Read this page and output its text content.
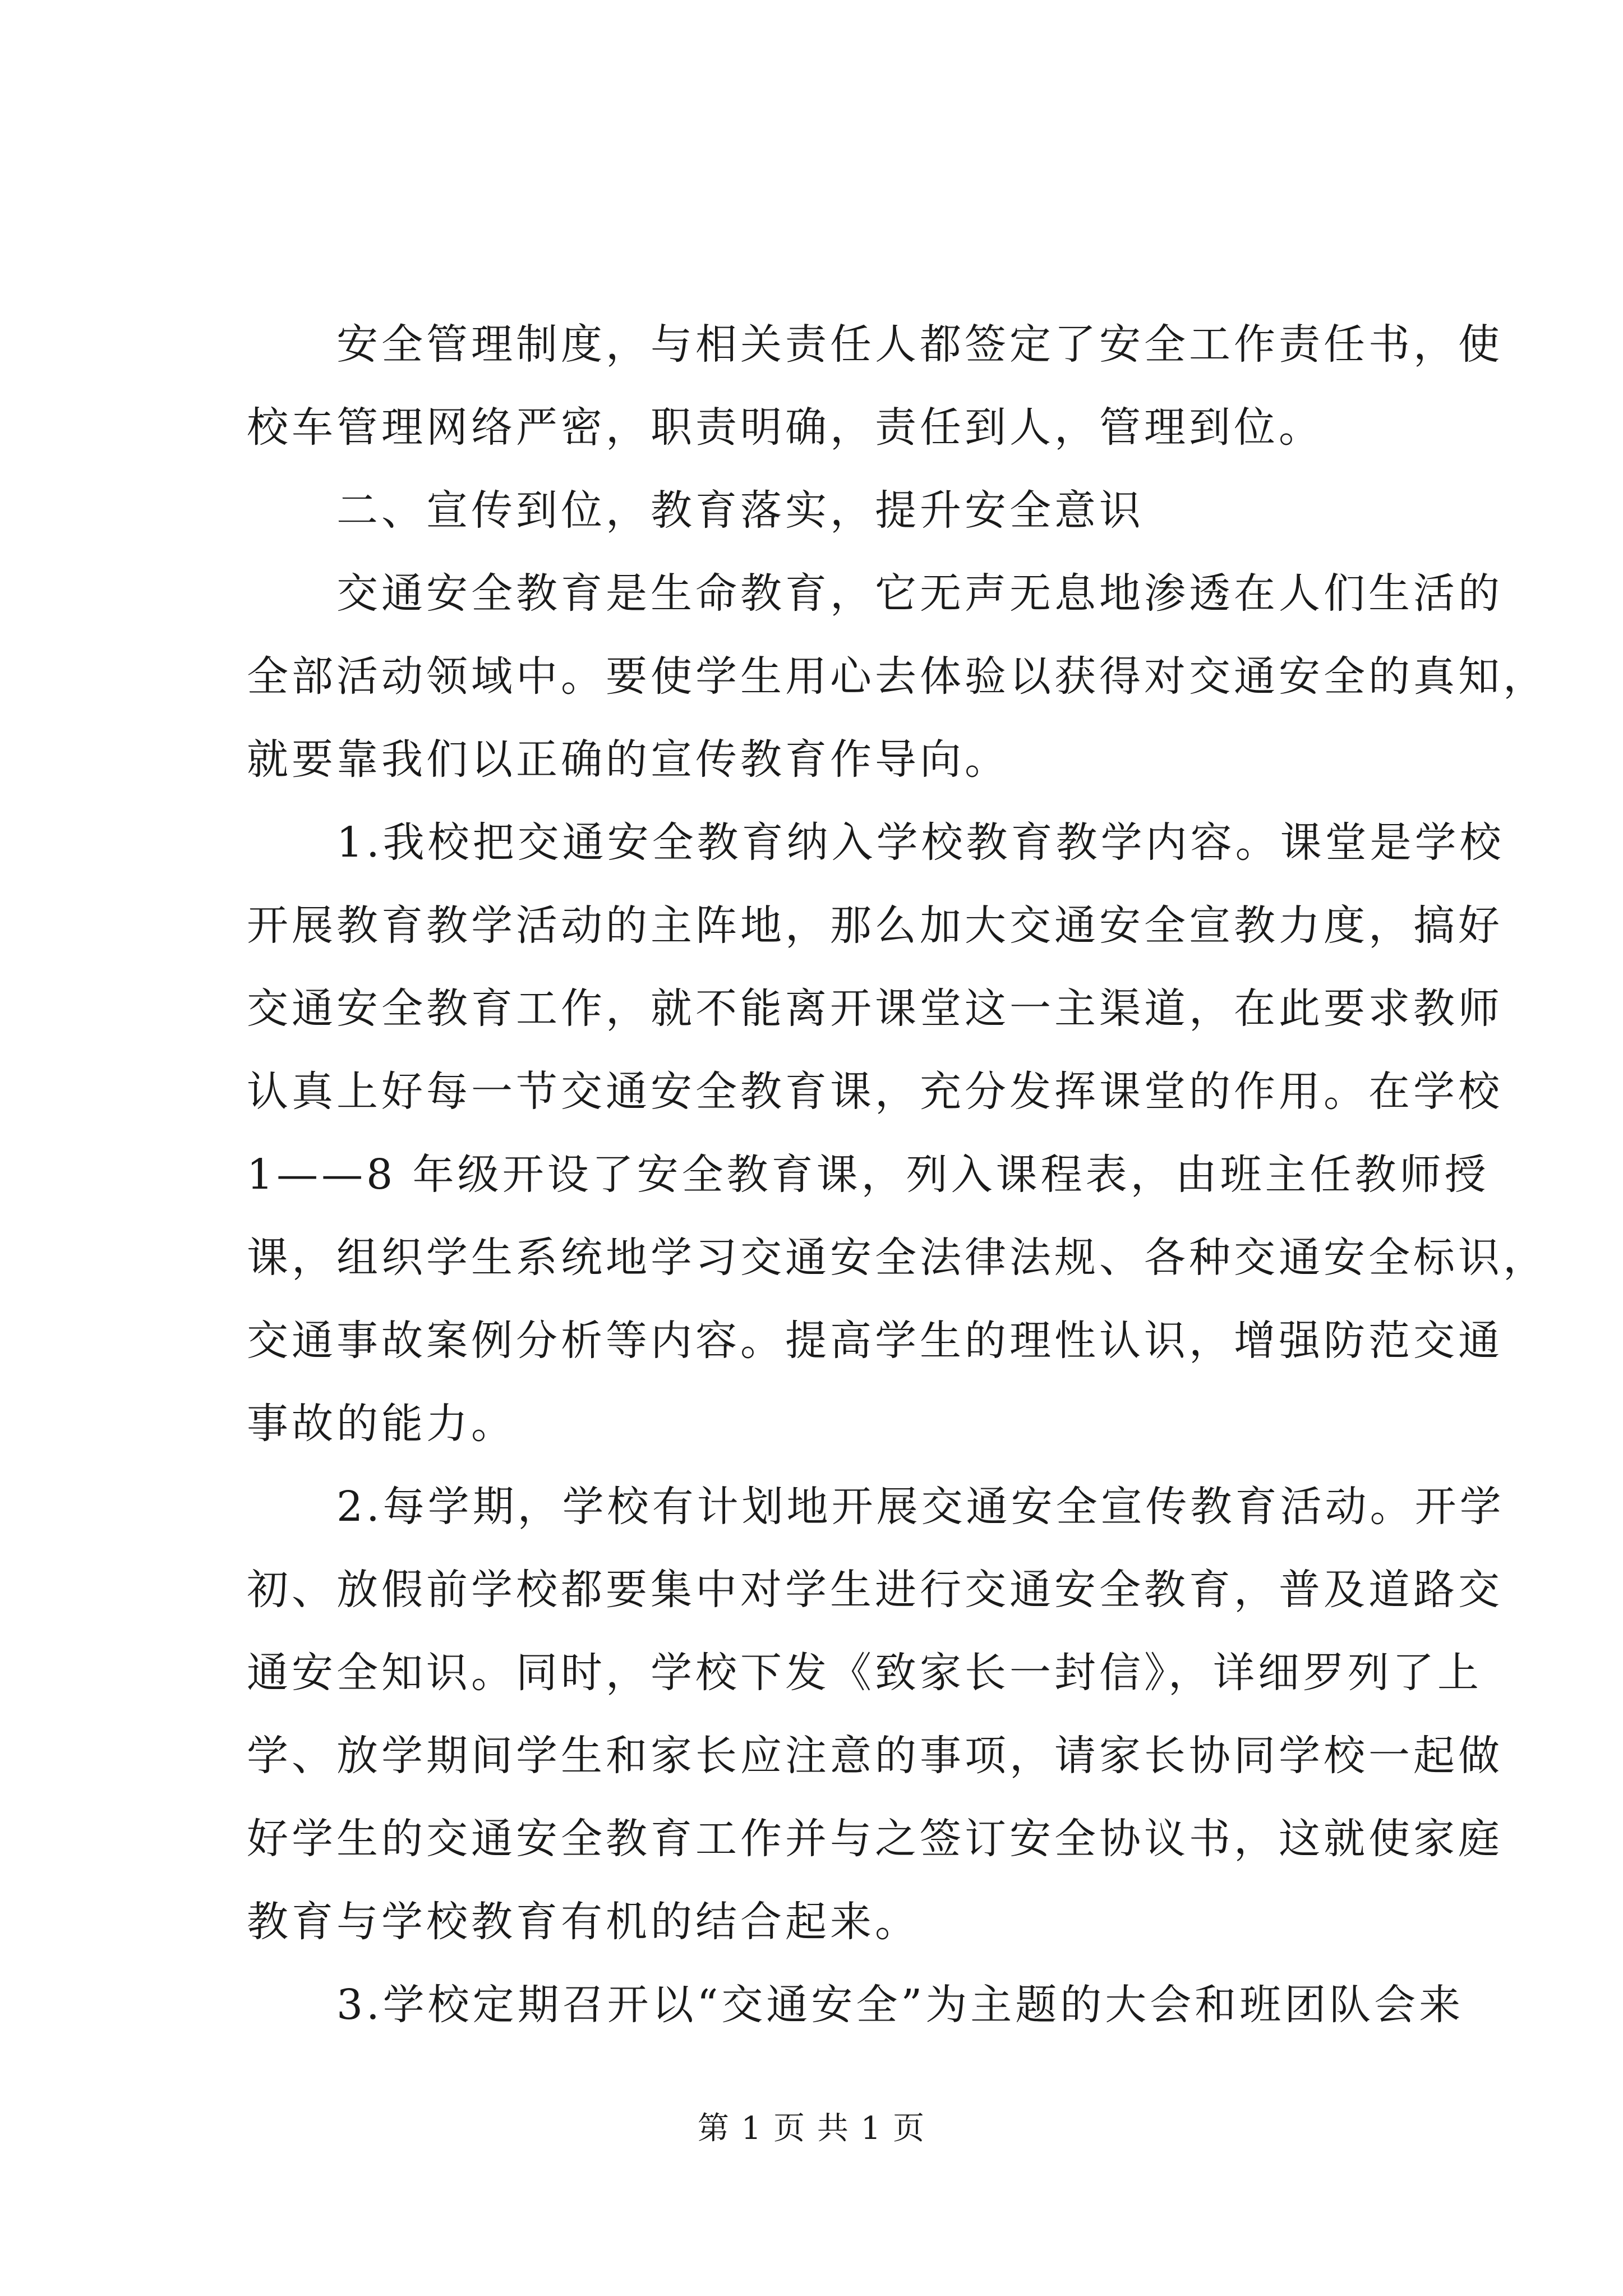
安全管理制度，与相关责任人都签定了安全工作责任书，使
校车管理网络严密，职责明确，责任到人，管理到位。
二、宣传到位，教育落实，提升安全意识
交通安全教育是生命教育，它无声无息地渗透在人们生活的
全部活动领域中。要使学生用心去体验以获得对交通安全的真知，
就要靠我们以正确的宣传教育作导向。
1.我校把交通安全教育纳入学校教育教学内容。课堂是学校
开展教育教学活动的主阵地，那么加大交通安全宣教力度，搞好
交通安全教育工作，就不能离开课堂这一主渠道，在此要求教师
认真上好每一节交通安全教育课，充分发挥课堂的作用。在学校
1——8 年级开设了安全教育课，列入课程表，由班主任教师授
课，组织学生系统地学习交通安全法律法规、各种交通安全标识，
交通事故案例分析等内容。提高学生的理性认识，增强防范交通
事故的能力。
2.每学期，学校有计划地开展交通安全宣传教育活动。开学
初、放假前学校都要集中对学生进行交通安全教育，普及道路交
通安全知识。同时，学校下发《致家长一封信》，详细罗列了上
学、放学期间学生和家长应注意的事项，请家长协同学校一起做
好学生的交通安全教育工作并与之签订安全协议书，这就使家庭
教育与学校教育有机的结合起来。
3.学校定期召开以“交通安全”为主题的大会和班团队会来
第 1 页 共 1 页
